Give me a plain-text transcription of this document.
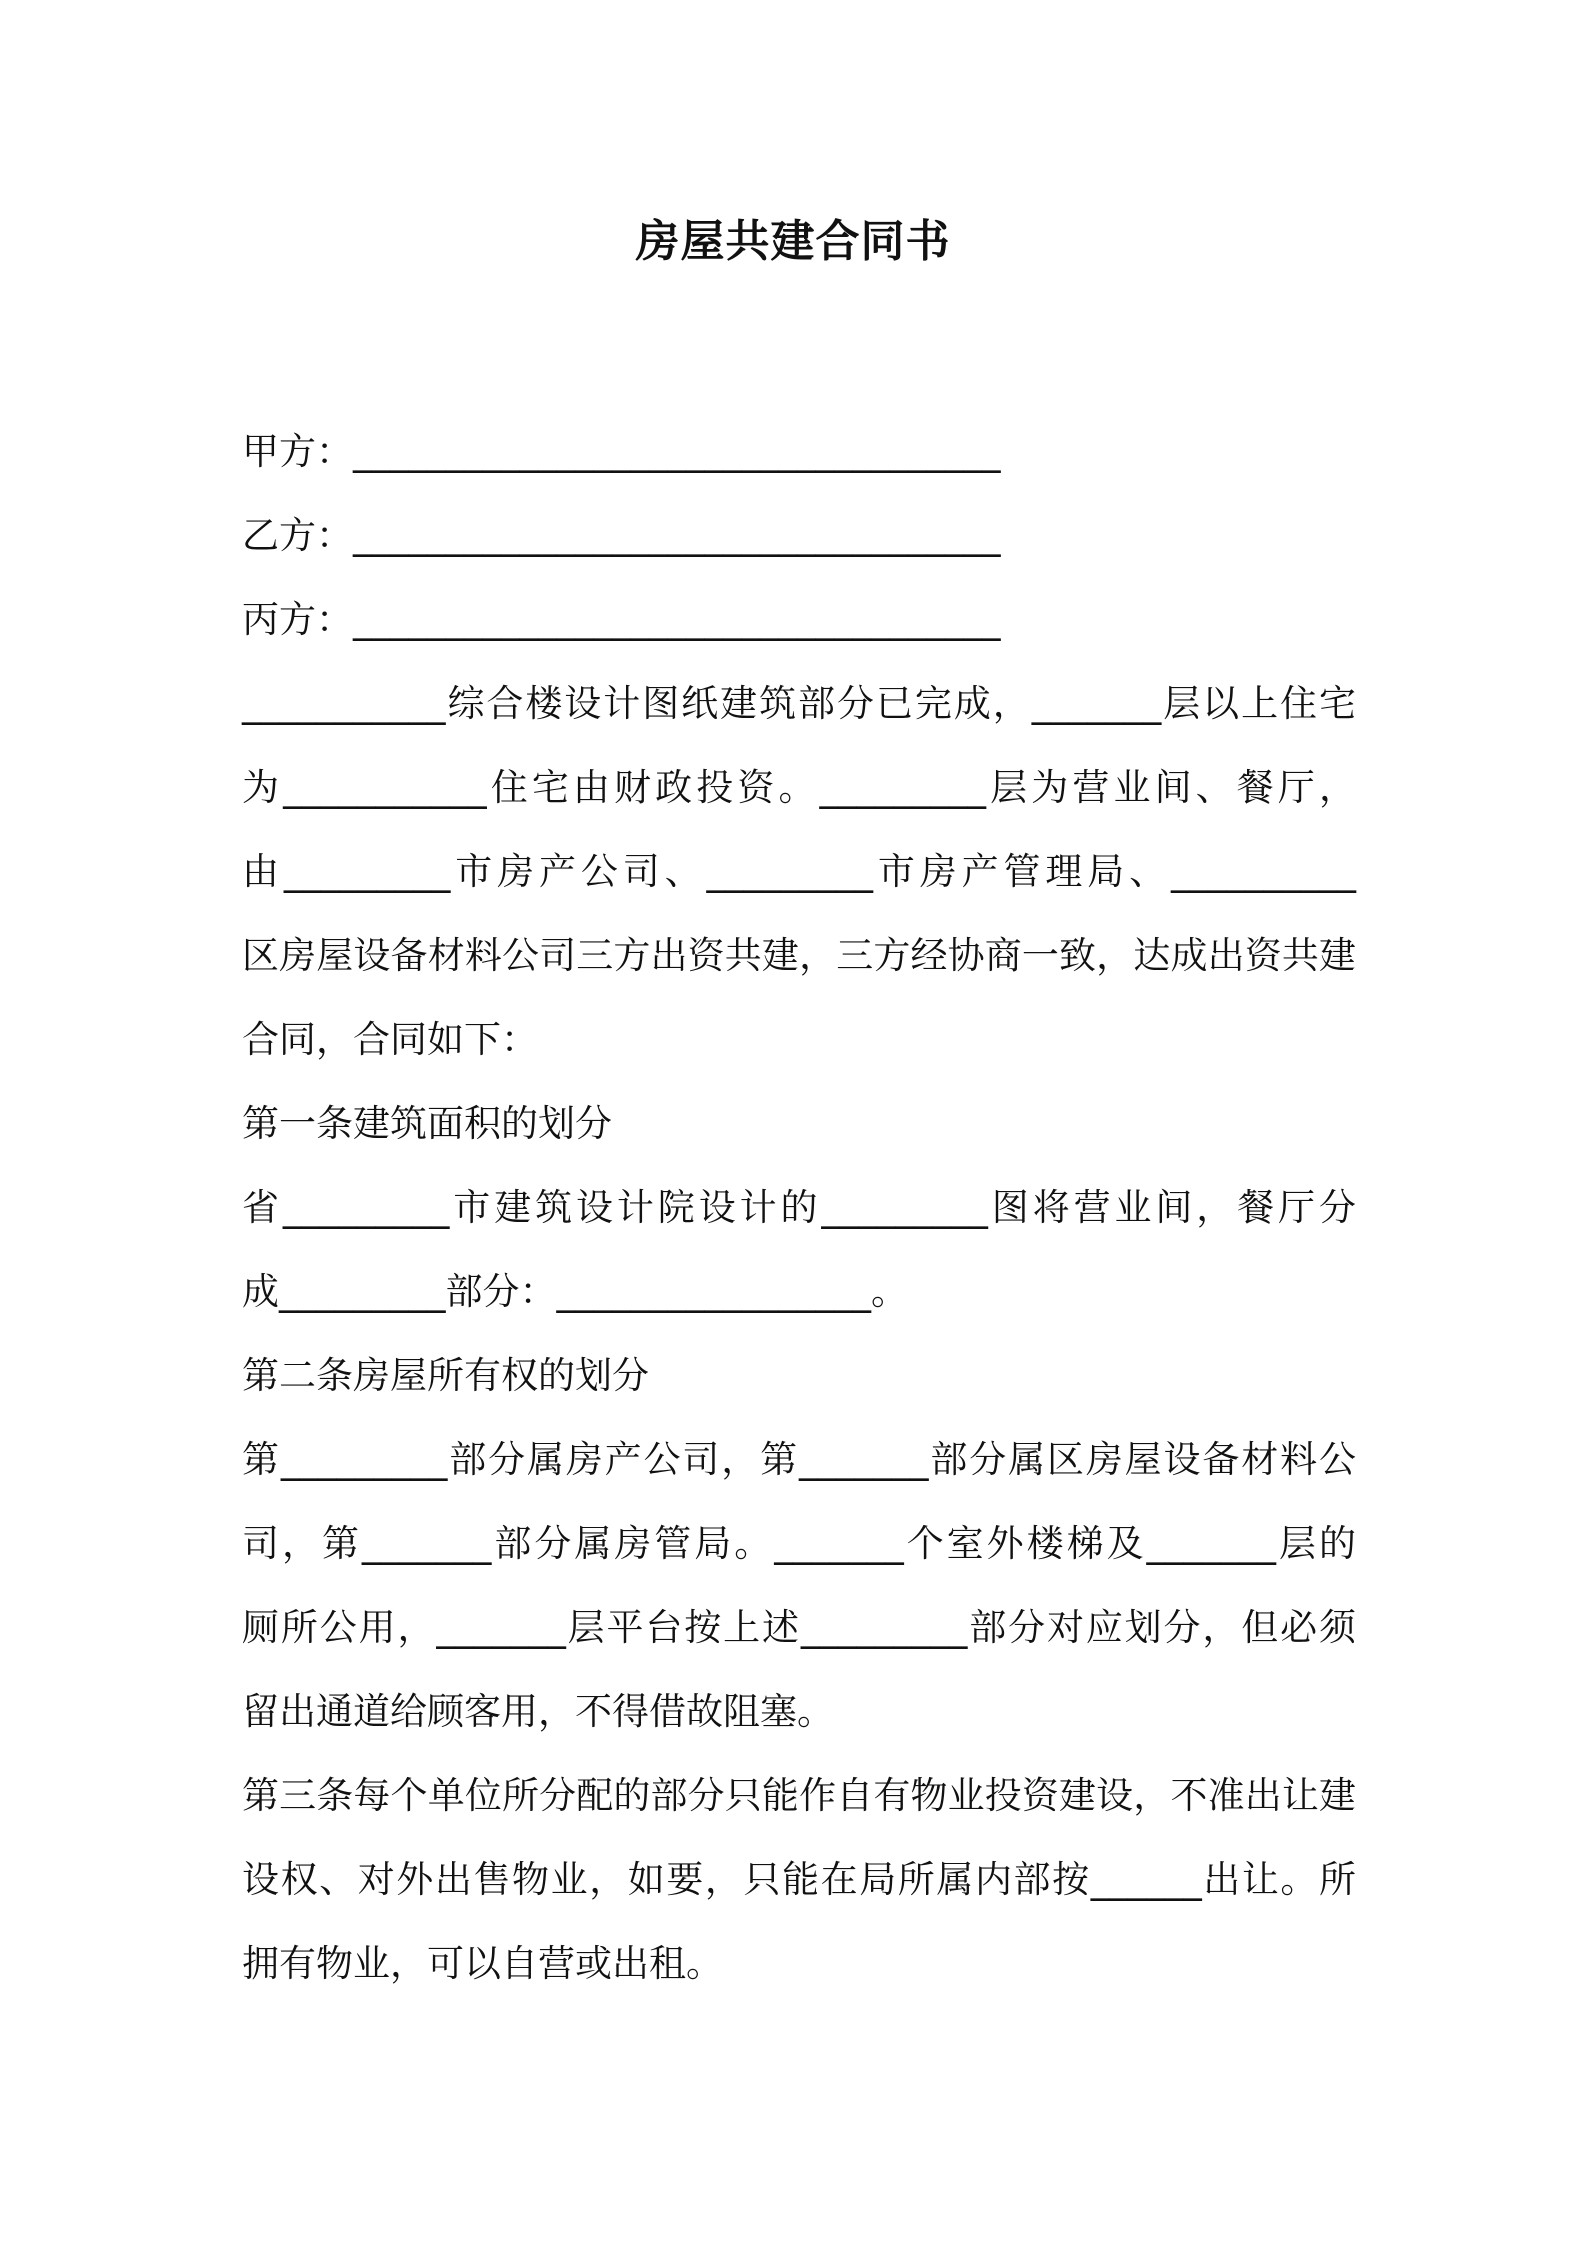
房屋共建合同书
甲方：___________________________________
乙方：___________________________________
丙方：___________________________________
___________综合楼设计图纸建筑部分已完成，_______层以上住宅
为___________住宅由财政投资。_________层为营业间、餐厅，
由_________市房产公司、_________市房产管理局、__________
区房屋设备材料公司三方出资共建，三方经协商一致，达成出资共建
合同，合同如下：
第一条建筑面积的划分
省_________市建筑设计院设计的_________图将营业间，餐厅分
成_________部分：_________________。
第二条房屋所有权的划分
第_________部分属房产公司，第_______部分属区房屋设备材料公
司，第_______部分属房管局。_______个室外楼梯及_______层的
厕所公用，_______层平台按上述_________部分对应划分，但必须
留出通道给顾客用，不得借故阻塞。
第三条每个单位所分配的部分只能作自有物业投资建设，不准出让建
设权、对外出售物业，如要，只能在局所属内部按______出让。所
拥有物业，可以自营或出租。
